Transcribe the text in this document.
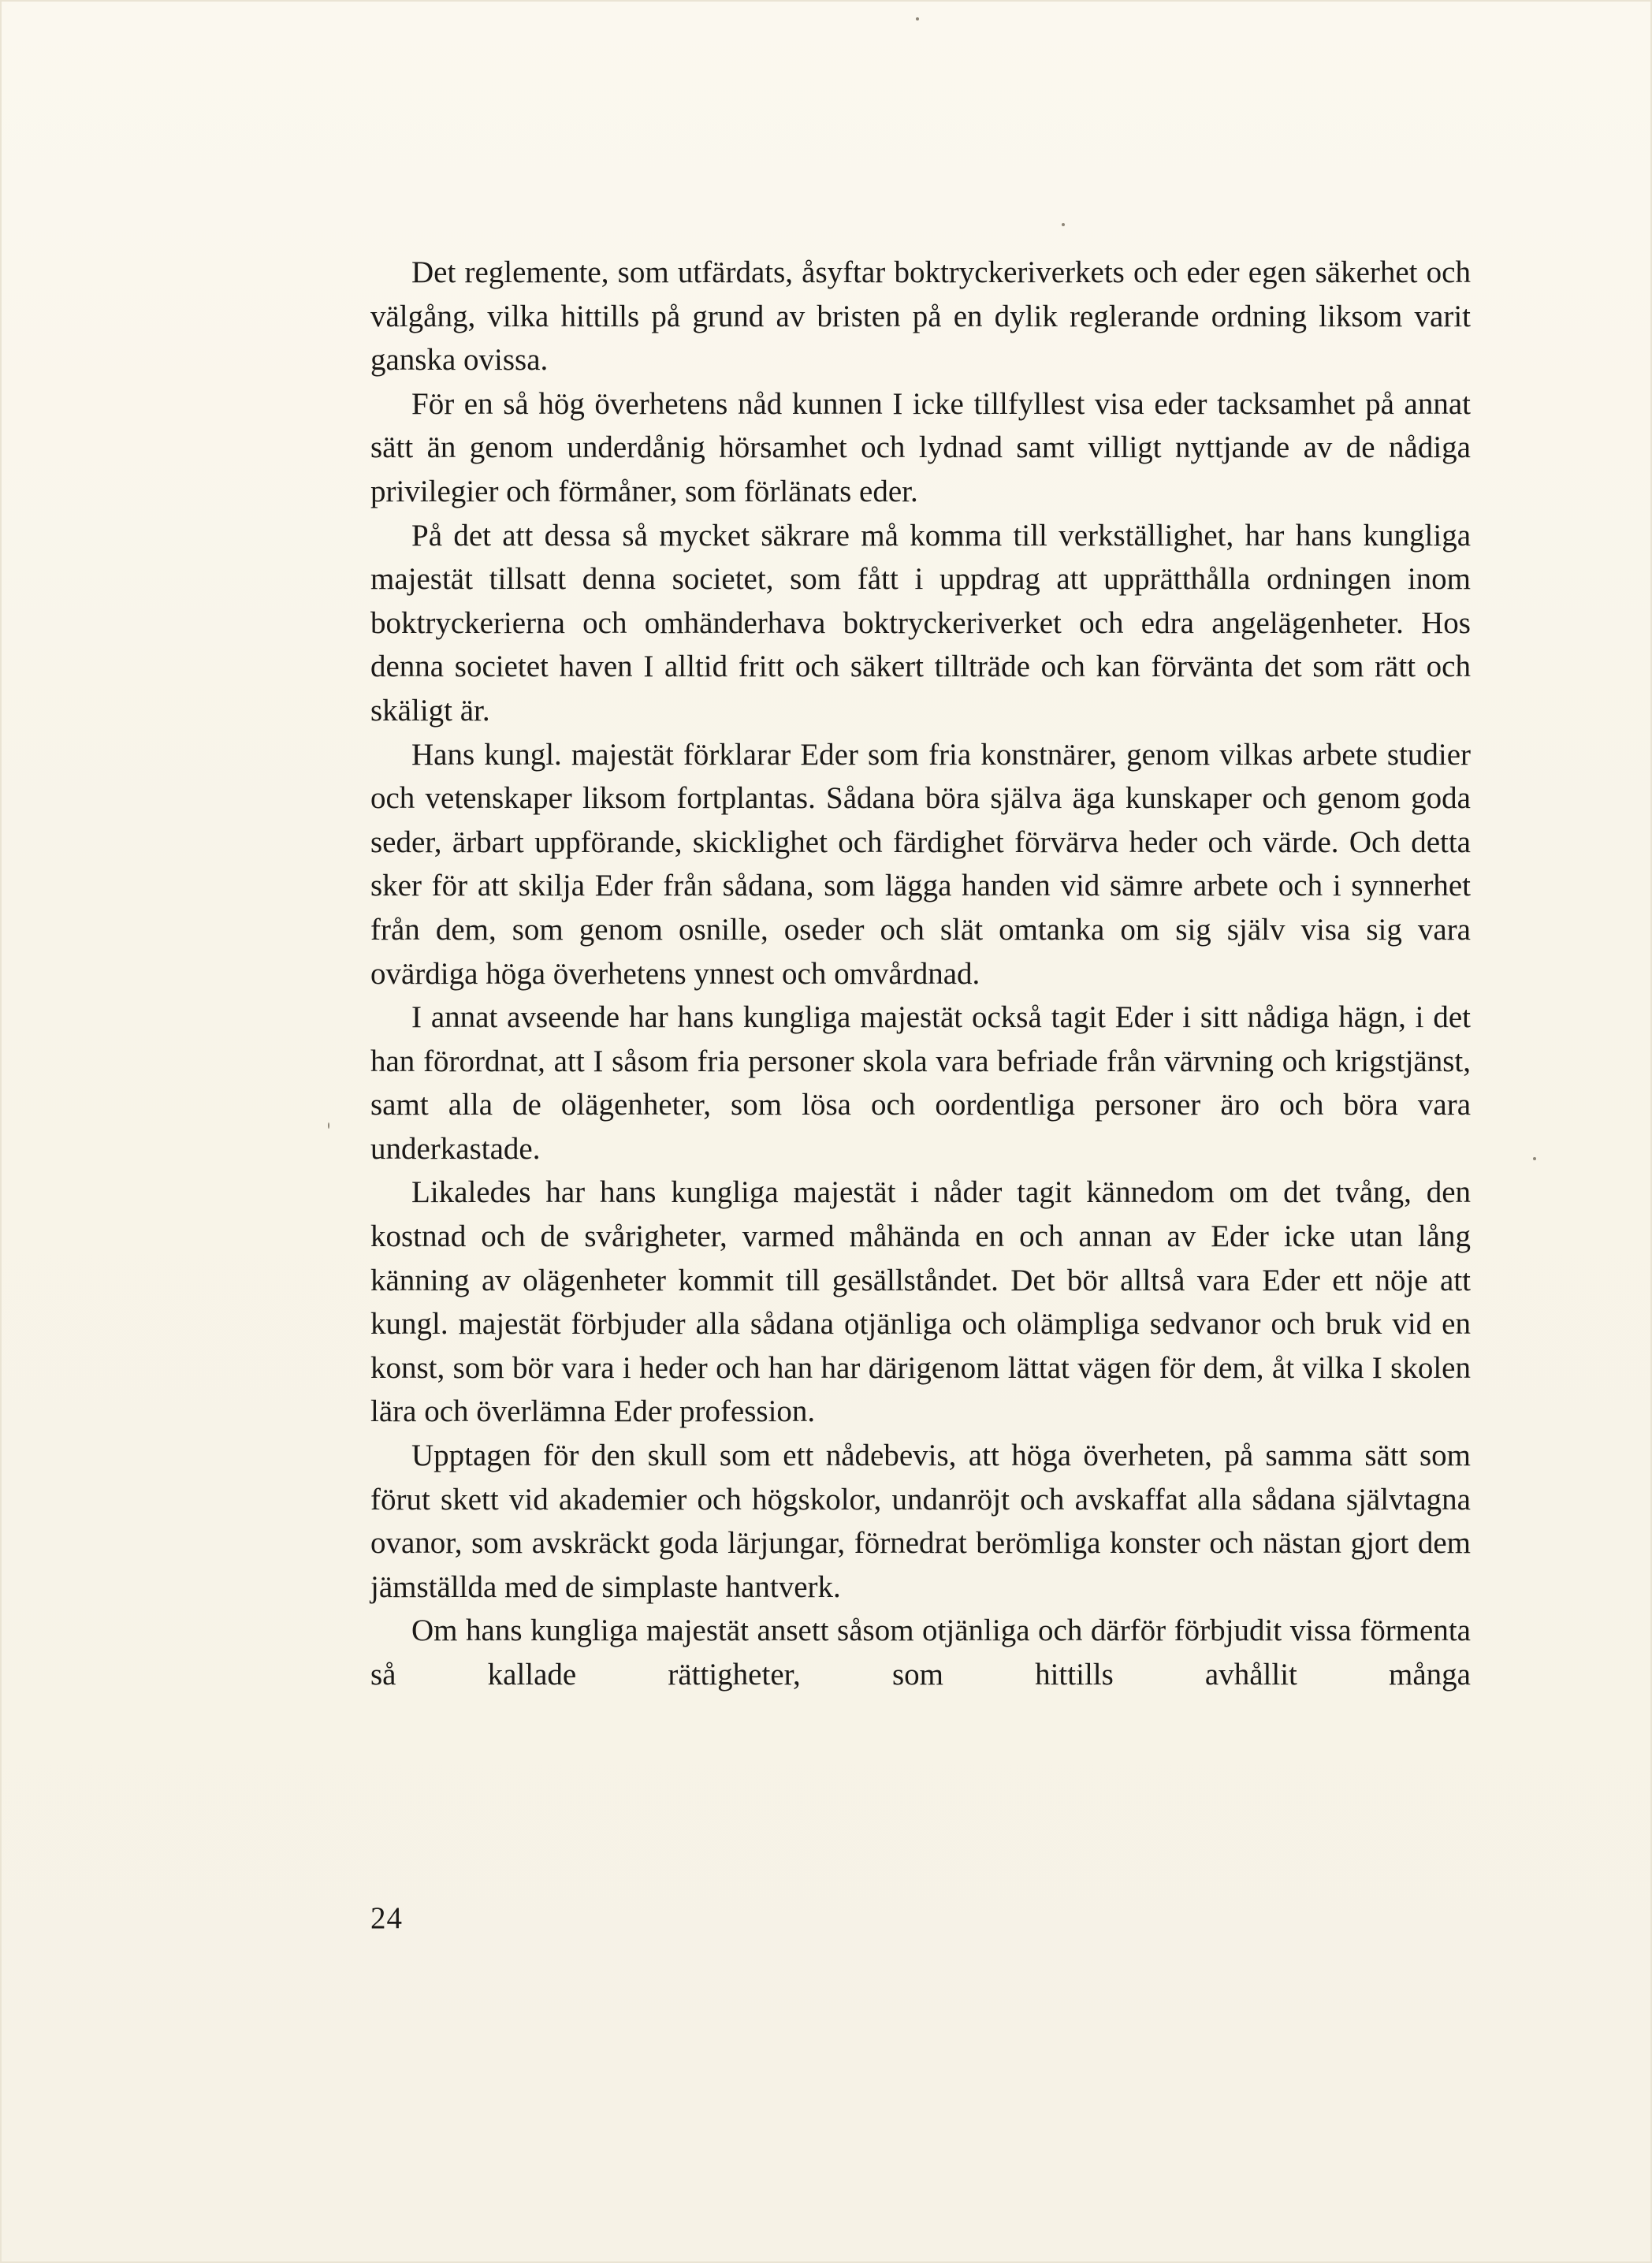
Det reglemente, som utfärdats, åsyftar boktryckeriverkets och eder egen säkerhet och välgång, vilka hittills på grund av bristen på en dylik reglerande ordning liksom varit ganska ovissa.

För en så hög överhetens nåd kunnen I icke tillfyllest visa eder tacksamhet på annat sätt än genom underdånig hörsamhet och lydnad samt villigt nyttjande av de nådiga privilegier och förmåner, som förlänats eder.

På det att dessa så mycket säkrare må komma till verkställighet, har hans kungliga majestät tillsatt denna societet, som fått i uppdrag att upprätthålla ordningen inom boktryckerierna och omhänderhava boktryckeriverket och edra angelägenheter. Hos denna societet haven I alltid fritt och säkert tillträde och kan förvänta det som rätt och skäligt är.

Hans kungl. majestät förklarar Eder som fria konstnärer, genom vilkas arbete studier och vetenskaper liksom fortplantas. Sådana böra själva äga kunskaper och genom goda seder, ärbart uppförande, skicklighet och färdighet förvärva heder och värde. Och detta sker för att skilja Eder från sådana, som lägga handen vid sämre arbete och i synnerhet från dem, som genom osnille, oseder och slät omtanka om sig själv visa sig vara ovärdiga höga överhetens ynnest och omvårdnad.

I annat avseende har hans kungliga majestät också tagit Eder i sitt nådiga hägn, i det han förordnat, att I såsom fria personer skola vara befriade från värvning och krigstjänst, samt alla de olägenheter, som lösa och oordentliga personer äro och böra vara underkastade.

Likaledes har hans kungliga majestät i nåder tagit kännedom om det tvång, den kostnad och de svårigheter, varmed måhända en och annan av Eder icke utan lång känning av olägenheter kommit till gesällståndet. Det bör alltså vara Eder ett nöje att kungl. majestät förbjuder alla sådana otjänliga och olämpliga sedvanor och bruk vid en konst, som bör vara i heder och han har därigenom lättat vägen för dem, åt vilka I skolen lära och överlämna Eder profession.

Upptagen för den skull som ett nådebevis, att höga överheten, på samma sätt som förut skett vid akademier och högskolor, undanröjt och avskaffat alla sådana självtagna ovanor, som avskräckt goda lärjungar, förnedrat berömliga konster och nästan gjort dem jämställda med de simplaste hantverk.

Om hans kungliga majestät ansett såsom otjänliga och därför förbjudit vissa förmenta så kallade rättigheter, som hittills avhållit många

24
